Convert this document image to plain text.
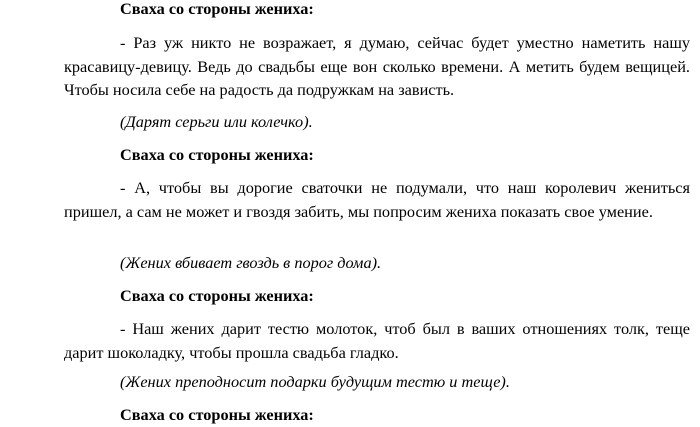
Сваха со стороны жениха:

- Раз уж никто не возражает, я думаю, сейчас будет уместно наметить нашу красавицу-девицу. Ведь до свадьбы еще вон сколько времени. А метить будем вещицей. Чтобы носила себе на радость да подружкам на зависть.

(Дарят серьги или колечко).

Сваха со стороны жениха:

- А, чтобы вы дорогие сваточки не подумали, что наш королевич жениться пришел, а сам не может и гвоздя забить, мы попросим жениха показать свое умение.

(Жених вбивает гвоздь в порог дома).

Сваха со стороны жениха:

- Наш жених дарит тестю молоток, чтоб был в ваших отношениях толк, теще дарит шоколадку, чтобы прошла свадьба гладко.

(Жених преподносит подарки будущим тестю и теще).

Сваха со стороны жениха:
